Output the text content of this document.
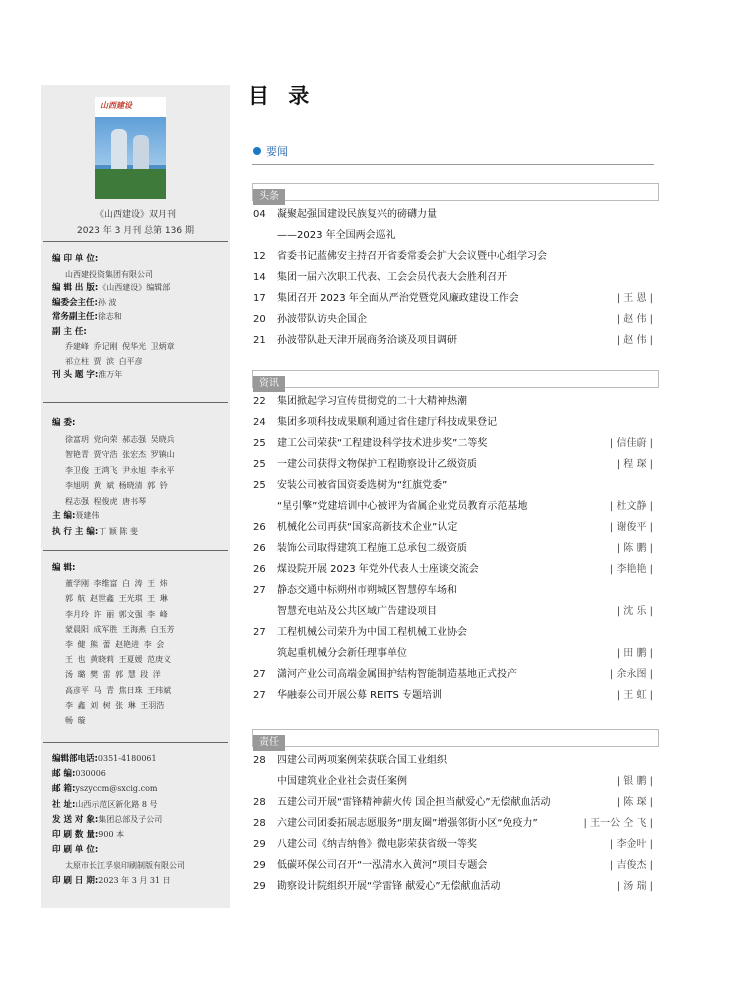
山西建设
《山西建设》双月刊
2023 年 3 月刊 总第 136 期
编 印 单 位:
山西建投资集团有限公司
编 辑 出 版:《山西建设》编辑部
编委会主任:孙 波
常务副主任:徐志和
副 主 任:
乔建峰 乔记刚 倪华光 卫炳章
祁立柱 贾 滨 白平彦
刊 头 题 字:淮万年
编 委:
徐富玥 党向荣 郝志强 吴晓兵
智艳青 贾守浩 张宏杰 罗镇山
李卫俊 王鸿飞 尹永旭 李永平
李旭明 黄 斌 杨晓清 郭 钤
程志强 程俊虎 唐书琴
主 编:聂建伟
执 行 主 编:丁 颖 陈 斐
编 辑:
董学刚 李维富 白 涛 王 炜
郭 航 赵世鑫 王光琪 王 琳
李月玲 许 丽 郭文强 李 峰
蒙晨阳 成军胜 王海燕 白玉芳
李 健 熊 蕾 赵艳进 李 会
王 也 黄晓莉 王夏媛 范庚义
汤 璐 樊 雷 郭 慧 段 洋
高彦平 马 青 焦日珠 王玮斌
李 鑫 刘 树 张 琳 王羽浩
畅 璇
编辑部电话:0351-4180061
邮 编:030006
邮 箱:yszyccm@sxcig.com
社 址:山西示范区新化路 8 号
发 送 对 象:集团总部及子公司
印 刷 数 量:900 本
印 刷 单 位:
太原市长江孚泉印刷制版有限公司
印 刷 日 期:2023 年 3 月 31 日
目 录
要闻
头条
04 凝聚起强国建设民族复兴的磅礴力量
——2023 年全国两会巡礼
12 省委书记蓝佛安主持召开省委常委会扩大会议暨中心组学习会
14 集团一届六次职工代表、工会会员代表大会胜利召开
17 集团召开 2023 年全面从严治党暨党风廉政建设工作会	| 王 恩 |
20 孙波带队访央企国企	| 赵 伟 |
21 孙波带队赴天津开展商务洽谈及项目调研	| 赵 伟 |
资讯
22 集团掀起学习宣传贯彻党的二十大精神热潮
24 集团多项科技成果顺利通过省住建厅科技成果登记
25 建工公司荣获“工程建设科学技术进步奖”二等奖	| 信佳蔚 |
25 一建公司获得文物保护工程勘察设计乙级资质	| 程 琛 |
25 安装公司被省国资委选树为“红旗党委”
“星引擎”党建培训中心被评为省属企业党员教育示范基地	| 杜文静 |
26 机械化公司再获“国家高新技术企业”认定	| 谢俊平 |
26 装饰公司取得建筑工程施工总承包二级资质	| 陈 鹏 |
26 煤设院开展 2023 年党外代表人士座谈交流会	| 李艳艳 |
27 静态交通中标朔州市朔城区智慧停车场和
智慧充电站及公共区域广告建设项目	| 沈 乐 |
27 工程机械公司荣升为中国工程机械工业协会
筑起重机械分会新任理事单位	| 田 鹏 |
27 潇河产业公司高端金属围护结构智能制造基地正式投产	| 余永图 |
27 华融泰公司开展公募 REITS 专题培训	| 王 虹 |
责任
28 四建公司两项案例荣获联合国工业组织
中国建筑业企业社会责任案例	| 银 鹏 |
28 五建公司开展“雷锋精神薪火传 国企担当献爱心”无偿献血活动	| 陈 琛 |
28 六建公司团委拓展志愿服务“朋友圈”增强邻街小区“免疫力”	| 王一公 仝 飞 |
29 八建公司《纳吉纳鲁》微电影荣获省级一等奖	| 李金叶 |
29 低碳环保公司召开“一泓清水入黄河”项目专题会	| 吉俊杰 |
29 勘察设计院组织开展“学雷锋 献爱心”无偿献血活动	| 汤 瑞 |
